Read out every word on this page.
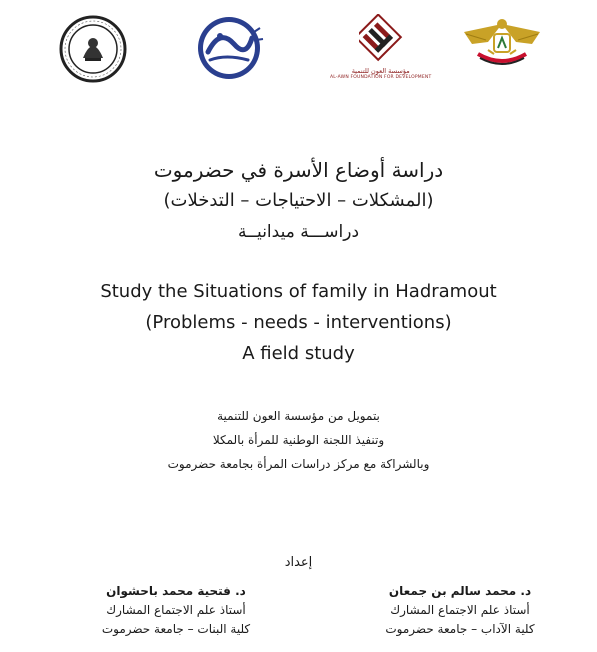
مؤسسة العون للتنمية
AL-AWN FOUNDATION FOR DEVELOPMENT
دراسة أوضاع الأسرة في حضرموت
(المشكلات – الاحتياجات – التدخلات)
دراســـة ميدانيــة
Study the Situations of family in Hadramout
(Problems - needs - interventions)
A field study
بتمويل من مؤسسة العون للتنمية
وتنفيذ اللجنة الوطنية للمرأة بالمكلا
وبالشراكة مع مركز دراسات المرأة بجامعة حضرموت
إعداد
د. محمد سالم بن جمعان
أستاذ علم الاجتماع المشارك
كلية الآداب – جامعة حضرموت
د. فتحية محمد باحشوان
أستاذ علم الاجتماع المشارك
كلية البنات – جامعة حضرموت
